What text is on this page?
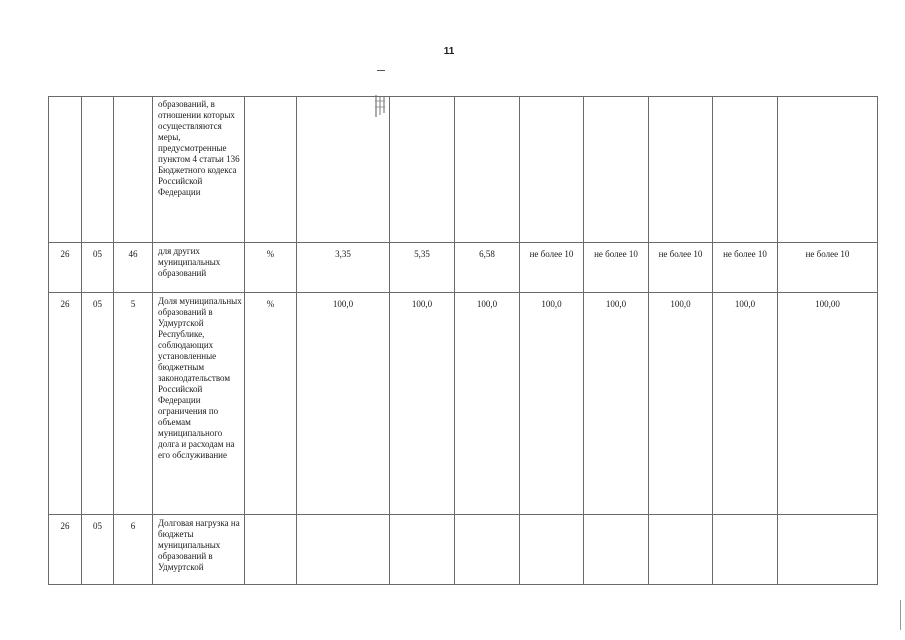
11
			образований, в отношении которых осуществляются меры, предусмотренные пунктом 4 статьи 136 Бюджетного кодекса Российской Федерации									
26	05	46	для других муниципальных образований	%	3,35	5,35	6,58	не более 10	не более 10	не более 10	не более 10	не более 10
26	05	5	Доля муниципальных образований в Удмуртской Республике, соблюдающих установленные бюджетным законодательством Российской Федерации ограничения по объемам муниципального долга и расходам на его обслуживание	%	100,0	100,0	100,0	100,0	100,0	100,0	100,0	100,00
26	05	6	Долговая нагрузка на бюджеты муниципальных образований в Удмуртской									
